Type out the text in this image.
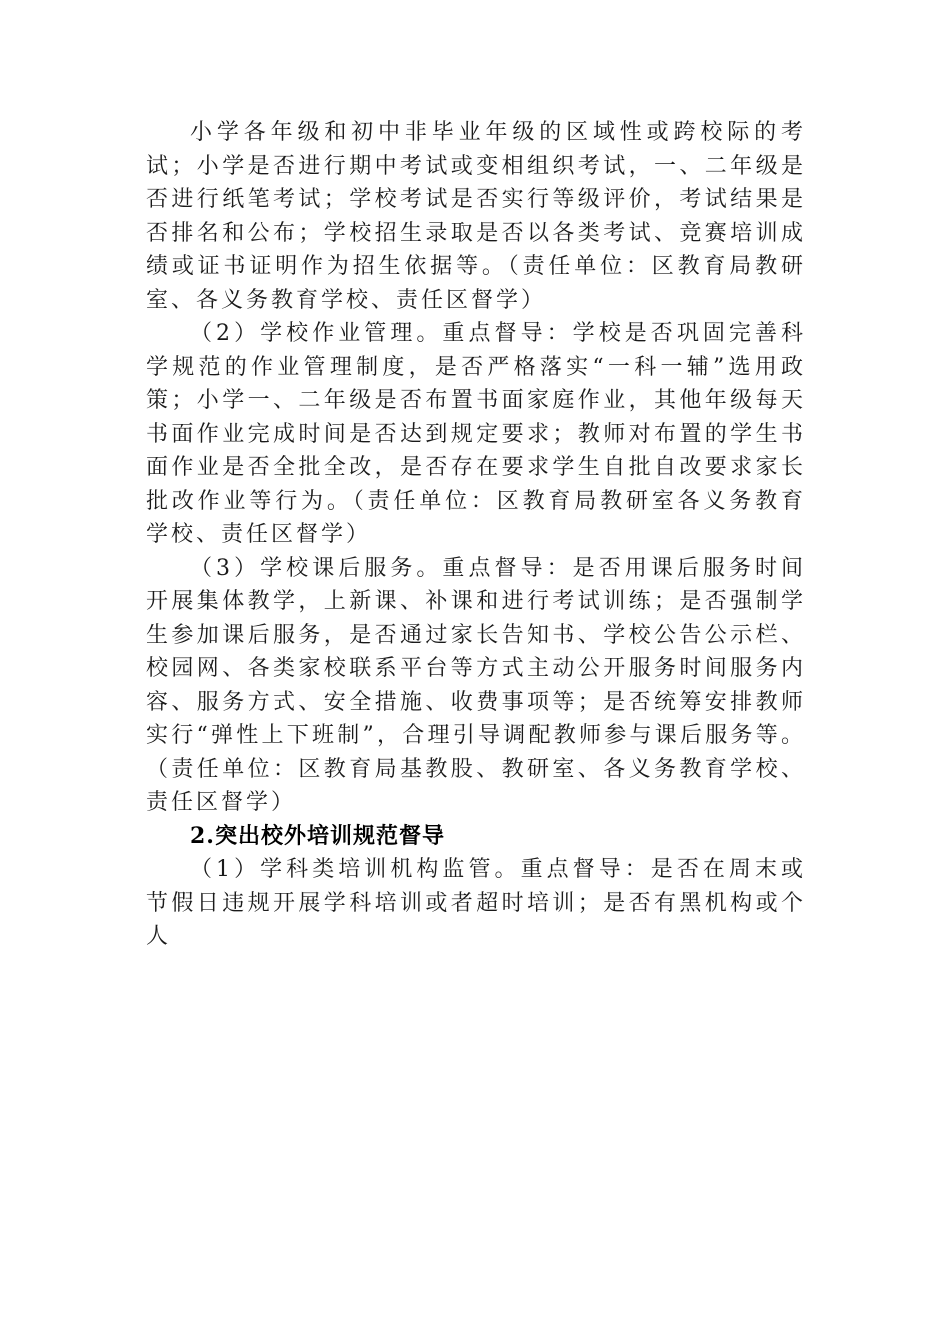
小学各年级和初中非毕业年级的区域性或跨校际的考试；小学是否进行期中考试或变相组织考试，一、二年级是否进行纸笔考试；学校考试是否实行等级评价，考试结果是否排名和公布；学校招生录取是否以各类考试、竞赛培训成绩或证书证明作为招生依据等。（责任单位：区教育局教研室、各义务教育学校、责任区督学）

（2）学校作业管理。重点督导：学校是否巩固完善科学规范的作业管理制度，是否严格落实“一科一辅”选用政策；小学一、二年级是否布置书面家庭作业，其他年级每天书面作业完成时间是否达到规定要求；教师对布置的学生书面作业是否全批全改，是否存在要求学生自批自改要求家长批改作业等行为。（责任单位：区教育局教研室各义务教育学校、责任区督学）

（3）学校课后服务。重点督导：是否用课后服务时间开展集体教学，上新课、补课和进行考试训练；是否强制学生参加课后服务，是否通过家长告知书、学校公告公示栏、校园网、各类家校联系平台等方式主动公开服务时间服务内容、服务方式、安全措施、收费事项等；是否统筹安排教师实行“弹性上下班制”，合理引导调配教师参与课后服务等。（责任单位：区教育局基教股、教研室、各义务教育学校、责任区督学）

2.突出校外培训规范督导

（1）学科类培训机构监管。重点督导：是否在周末或节假日违规开展学科培训或者超时培训；是否有黑机构或个人
